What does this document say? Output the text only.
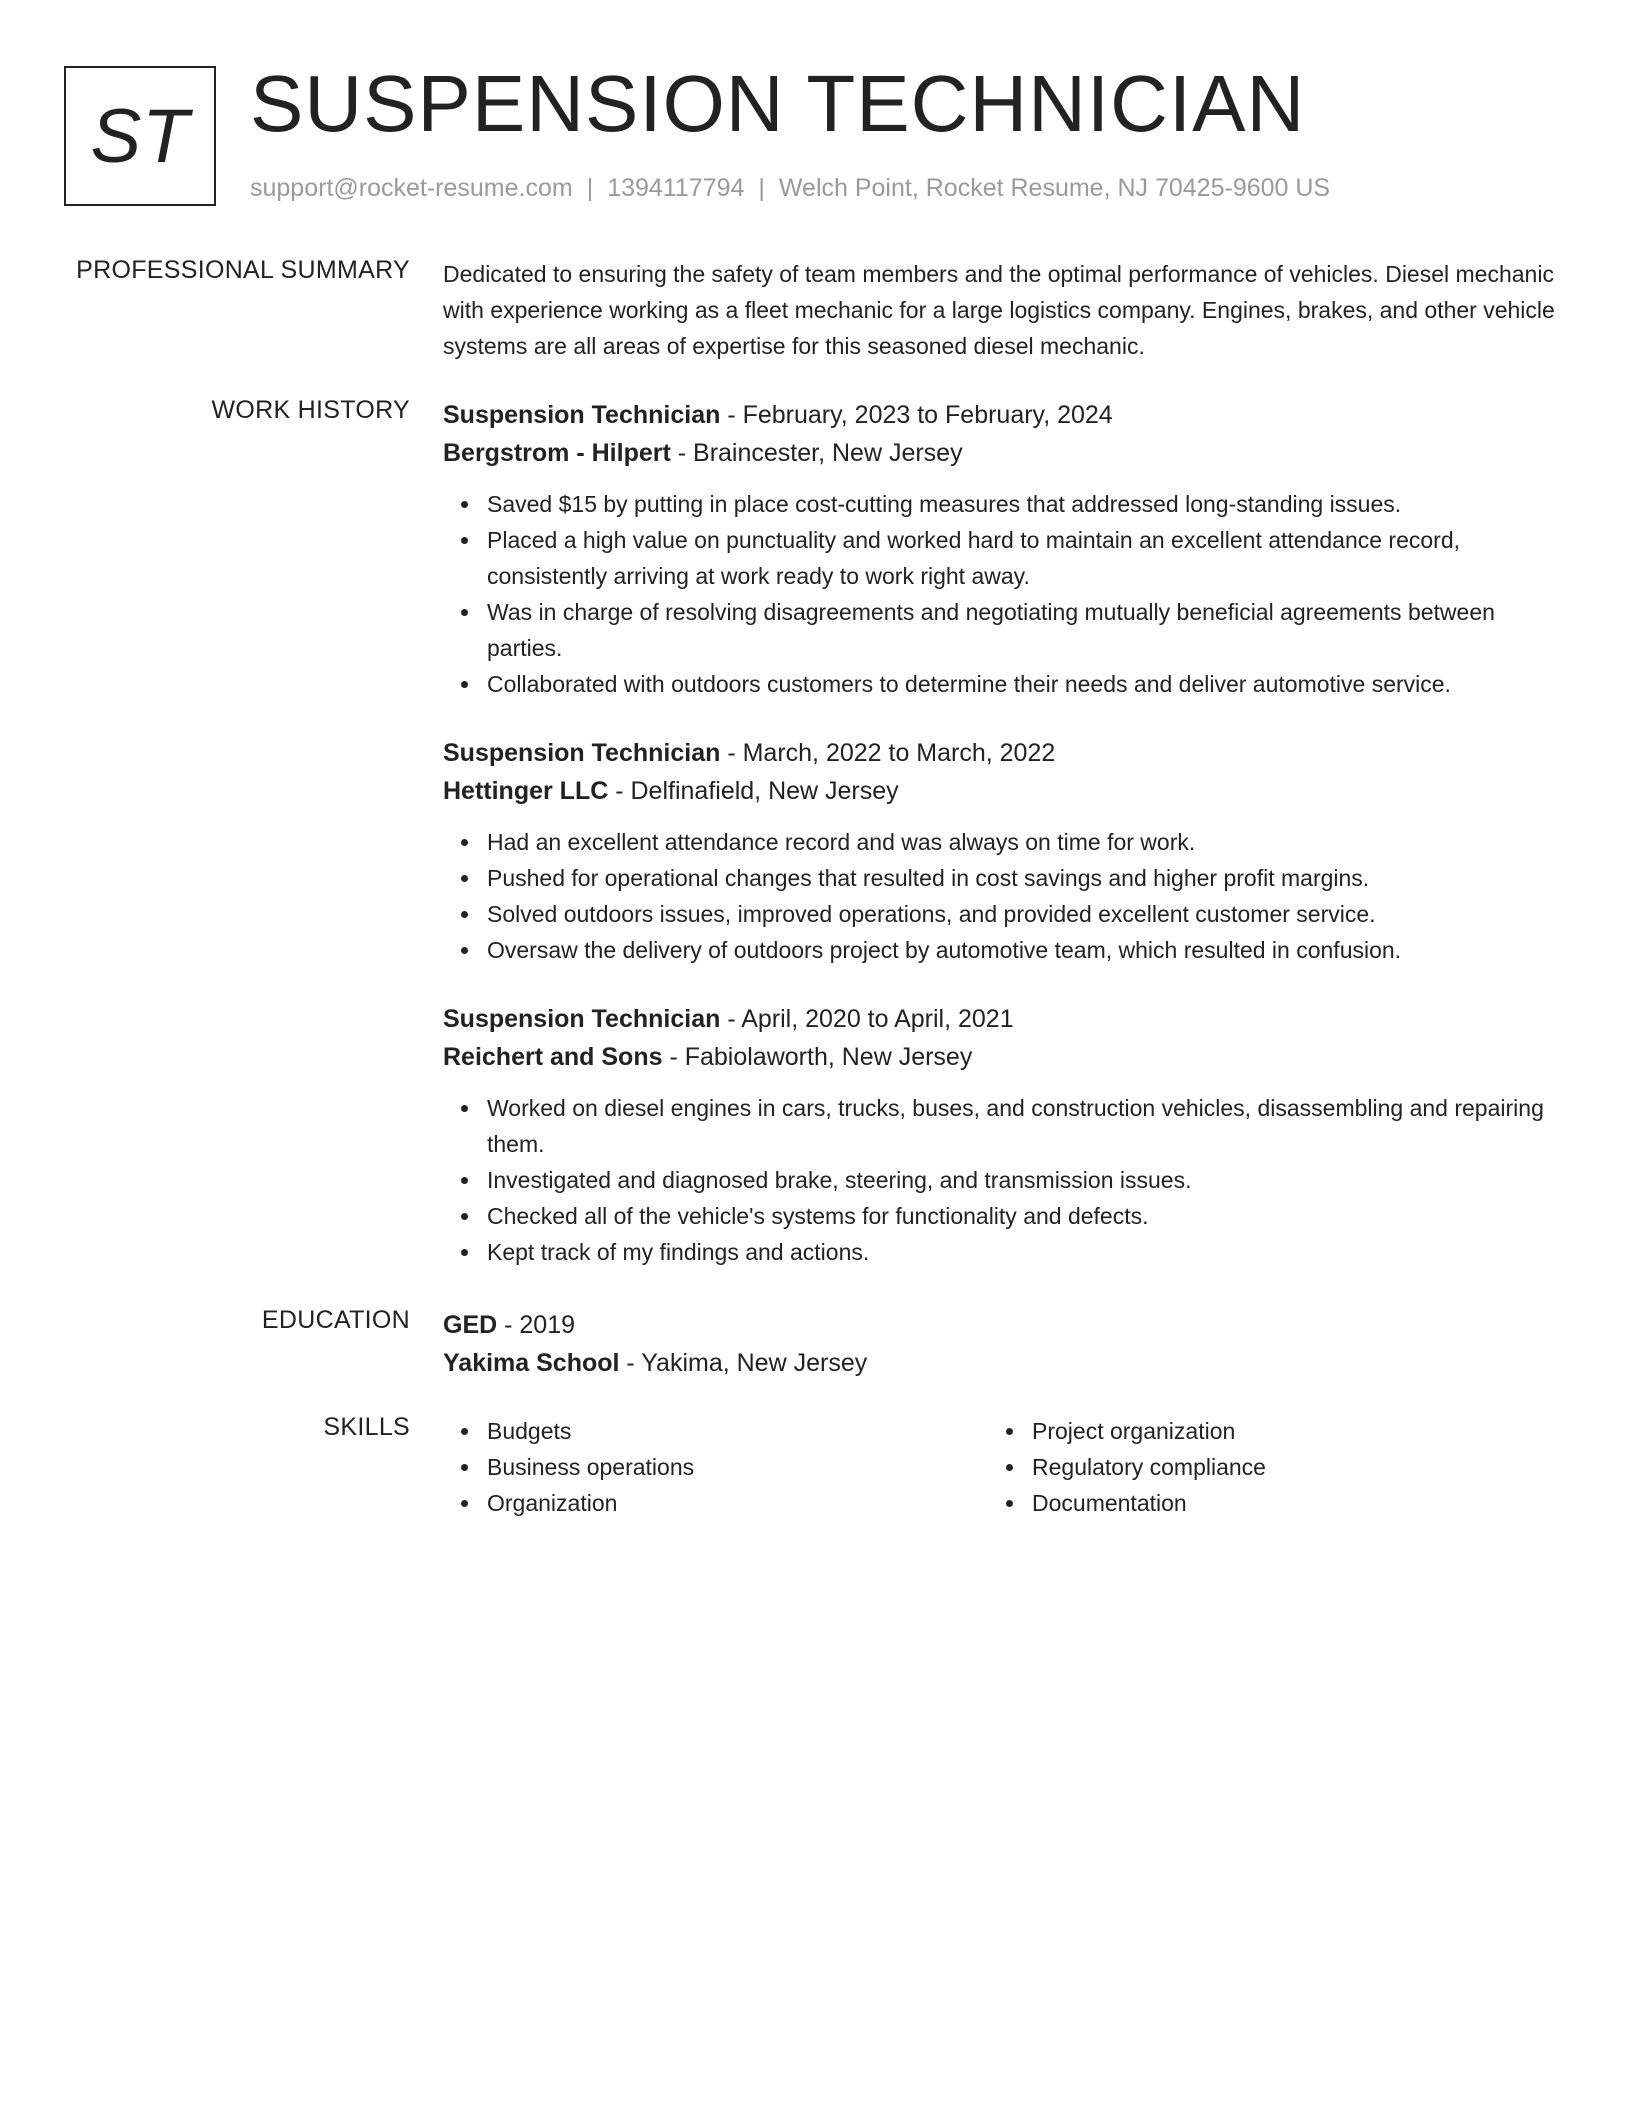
ST SUSPENSION TECHNICIAN
support@rocket-resume.com | 1394117794 | Welch Point, Rocket Resume, NJ 70425-9600 US
PROFESSIONAL SUMMARY Dedicated to ensuring the safety of team members and the optimal performance of vehicles. Diesel mechanic with experience working as a fleet mechanic for a large logistics company. Engines, brakes, and other vehicle systems are all areas of expertise for this seasoned diesel mechanic.
WORK HISTORY Suspension Technician - February, 2023 to February, 2024
Bergstrom - Hilpert - Braincester, New Jersey
Saved $15 by putting in place cost-cutting measures that addressed long-standing issues.
Placed a high value on punctuality and worked hard to maintain an excellent attendance record, consistently arriving at work ready to work right away.
Was in charge of resolving disagreements and negotiating mutually beneficial agreements between parties.
Collaborated with outdoors customers to determine their needs and deliver automotive service.
Suspension Technician - March, 2022 to March, 2022
Hettinger LLC - Delfinafield, New Jersey
Had an excellent attendance record and was always on time for work.
Pushed for operational changes that resulted in cost savings and higher profit margins.
Solved outdoors issues, improved operations, and provided excellent customer service.
Oversaw the delivery of outdoors project by automotive team, which resulted in confusion.
Suspension Technician - April, 2020 to April, 2021
Reichert and Sons - Fabiolaworth, New Jersey
Worked on diesel engines in cars, trucks, buses, and construction vehicles, disassembling and repairing them.
Investigated and diagnosed brake, steering, and transmission issues.
Checked all of the vehicle's systems for functionality and defects.
Kept track of my findings and actions.
EDUCATION GED - 2019
Yakima School - Yakima, New Jersey
SKILLS	Budgets
Business operations
Organization
Project organization
Regulatory compliance
Documentation
